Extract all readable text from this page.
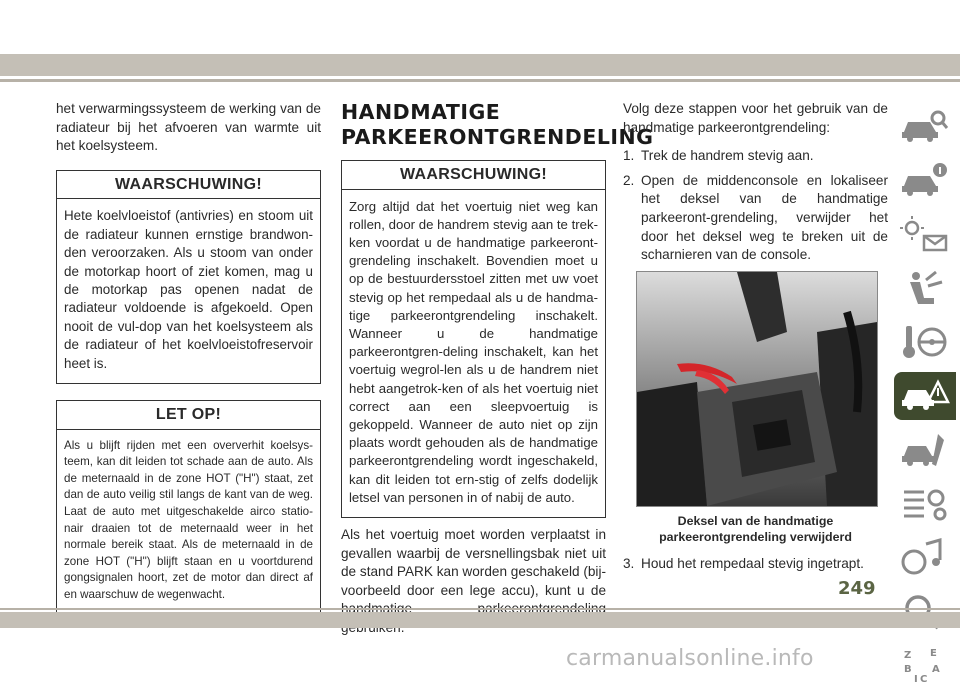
het verwarmingssysteem de werking van de radiateur bij het afvoeren van warmte uit het koelsysteem.

WAARSCHUWING!
Hete koelvloeistof (antivries) en stoom uit de radiateur kunnen ernstige brandwon-den veroorzaken. Als u stoom van onder de motorkap hoort of ziet komen, mag u de motorkap pas openen nadat de radiateur voldoende is afgekoeld. Open nooit de vul-dop van het koelsysteem als de radiateur of het koelvloeistofreservoir heet is.
LET OP!
Als u blijft rijden met een oververhit koelsys-teem, kan dit leiden tot schade aan de auto. Als de meternaald in de zone HOT ("H") staat, zet dan de auto veilig stil langs de kant van de weg. Laat de auto met uitgeschakelde airco statio-nair draaien tot de meternaald weer in het normale bereik staat. Als de meternaald in de zone HOT ("H") blijft staan en u voortdurend gongsignalen hoort, zet de motor dan direct af en waarschuw de wegenwacht.
HANDMATIGE
PARKEERONTGRENDELING
WAARSCHUWING!
Zorg altijd dat het voertuig niet weg kan rollen, door de handrem stevig aan te trek-ken voordat u de handmatige parkeeront-grendeling inschakelt. Bovendien moet u op de bestuurdersstoel zitten met uw voet stevig op het rempedaal als u de handma-tige parkeerontgrendeling inschakelt. Wanneer u de handmatige parkeerontgren-deling inschakelt, kan het voertuig wegrol-len als u de handrem niet hebt aangetrok-ken of als het voertuig niet correct aan een sleepvoertuig is gekoppeld. Wanneer de auto niet op zijn plaats wordt gehouden als de handmatige parkeerontgrendeling wordt ingeschakeld, kan dit leiden tot ern-stig of zelfs dodelijk letsel van personen in of nabij de auto.

Als het voertuig moet worden verplaatst in gevallen waarbij de versnellingsbak niet uit de stand PARK kan worden geschakeld (bij-voorbeeld door een lege accu), kunt u de

Volg deze stappen voor het gebruik van de handmatige parkeerontgrendeling:

1. Trek de handrem stevig aan.
2. Open de middenconsole en lokaliseer het deksel van de handmatige parkeeront-grendeling, verwijder het door het deksel weg te breken uit de scharnieren van de console.
Deksel van de handmatige
parkeerontgrendeling verwijderd
3. Houd het rempedaal stevig ingetrapt.
Z E
B A
I C
249
carmanualsonline.info
